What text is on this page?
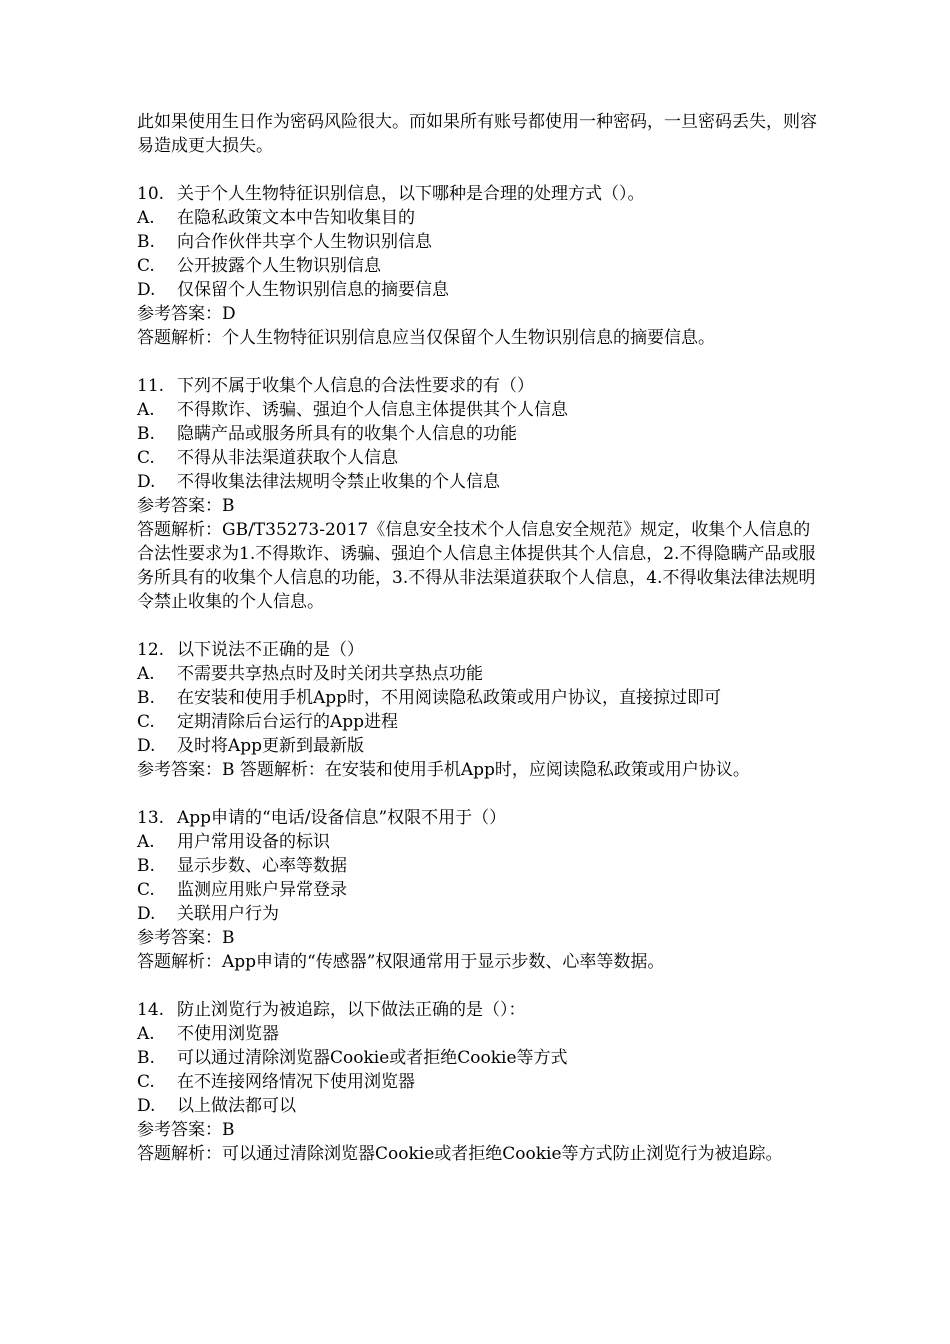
此如果使用生日作为密码风险很大。而如果所有账号都使用一种密码，一旦密码丢失，则容易造成更大损失。

10. 关于个人生物特征识别信息，以下哪种是合理的处理方式（）。

A. 在隐私政策文本中告知收集目的

B. 向合作伙伴共享个人生物识别信息

C. 公开披露个人生物识别信息

D. 仅保留个人生物识别信息的摘要信息

参考答案：D

答题解析：个人生物特征识别信息应当仅保留个人生物识别信息的摘要信息。

11. 下列不属于收集个人信息的合法性要求的有（）

A. 不得欺诈、诱骗、强迫个人信息主体提供其个人信息

B. 隐瞒产品或服务所具有的收集个人信息的功能

C. 不得从非法渠道获取个人信息

D. 不得收集法律法规明令禁止收集的个人信息

参考答案：B

答题解析：GB/T35273-2017《信息安全技术个人信息安全规范》规定，收集个人信息的合法性要求为1.不得欺诈、诱骗、强迫个人信息主体提供其个人信息，2.不得隐瞒产品或服务所具有的收集个人信息的功能，3.不得从非法渠道获取个人信息，4.不得收集法律法规明令禁止收集的个人信息。

12. 以下说法不正确的是（）

A. 不需要共享热点时及时关闭共享热点功能

B. 在安装和使用手机App时，不用阅读隐私政策或用户协议，直接掠过即可

C. 定期清除后台运行的App进程

D. 及时将App更新到最新版

参考答案：B 答题解析：在安装和使用手机App时，应阅读隐私政策或用户协议。

13. App申请的“电话/设备信息”权限不用于（）

A. 用户常用设备的标识

B. 显示步数、心率等数据

C. 监测应用账户异常登录

D. 关联用户行为

参考答案：B

答题解析：App申请的“传感器”权限通常用于显示步数、心率等数据。

14. 防止浏览行为被追踪，以下做法正确的是（）：

A. 不使用浏览器

B. 可以通过清除浏览器Cookie或者拒绝Cookie等方式

C. 在不连接网络情况下使用浏览器

D. 以上做法都可以

参考答案：B

答题解析：可以通过清除浏览器Cookie或者拒绝Cookie等方式防止浏览行为被追踪。
